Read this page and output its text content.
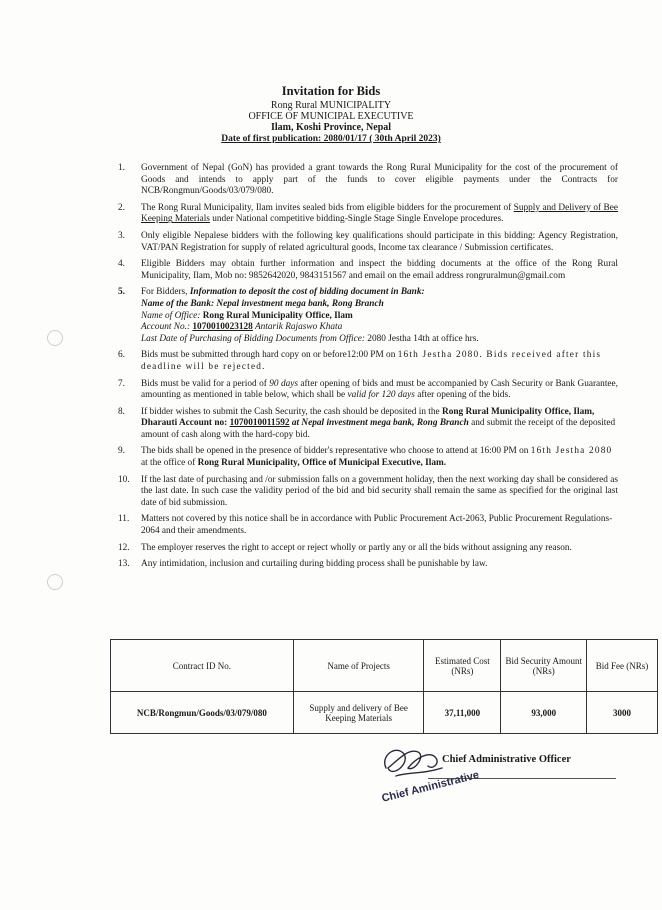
Invitation for Bids
Rong Rural MUNICIPALITY
OFFICE OF MUNICIPAL EXECUTIVE
Ilam, Koshi Province, Nepal
Date of first publication: 2080/01/17 ( 30th April 2023)
1.	Government of Nepal (GoN) has provided a grant towards the Rong Rural Municipality for the cost of the procurement of Goods and intends to apply part of the funds to cover eligible payments under the Contracts for NCB/Rongmun/Goods/03/079/080.
2.	The Rong Rural Municipality, Ilam invites sealed bids from eligible bidders for the procurement of Supply and Delivery of Bee Keeping Materials under National competitive bidding-Single Stage Single Envelope procedures.
3.	Only eligible Nepalese bidders with the following key qualifications should participate in this bidding: Agency Registration, VAT/PAN Registration for supply of related agricultural goods, Income tax clearance / Submission certificates.
4.	Eligible Bidders may obtain further information and inspect the bidding documents at the office of the Rong Rural Municipality, Ilam, Mob no: 9852642020, 9843151567 and email on the email address rongruralmun@gmail.com
5.	For Bidders, Information to deposit the cost of bidding document in Bank:
Name of the Bank: Nepal investment mega bank, Rong Branch
Name of Office: Rong Rural Municipality Office, Ilam
Account No.: 1070010023128 Antarik Rajaswo Khata
Last Date of Purchasing of Bidding Documents from Office: 2080 Jestha 14th at office hrs.
6.	Bids must be submitted through hard copy on or before12:00 PM on 16th Jestha 2080. Bids received after this deadline will be rejected.
7.	Bids must be valid for a period of 90 days after opening of bids and must be accompanied by Cash Security or Bank Guarantee, amounting as mentioned in table below, which shall be valid for 120 days after opening of the bids.
8.	If bidder wishes to submit the Cash Security, the cash should be deposited in the Rong Rural Municipality Office, Ilam, Dharauti Account no: 1070010011592 at Nepal investment mega bank, Rong Branch and submit the receipt of the deposited amount of cash along with the hard-copy bid.
9.	The bids shall be opened in the presence of bidder's representative who choose to attend at 16:00 PM on 16th Jestha 2080 at the office of Rong Rural Municipality, Office of Municipal Executive, Ilam.
10.	If the last date of purchasing and /or submission falls on a government holiday, then the next working day shall be considered as the last date. In such case the validity period of the bid and bid security shall remain the same as specified for the original last date of bid submission.
11.	Matters not covered by this notice shall be in accordance with Public Procurement Act-2063, Public Procurement Regulations-2064 and their amendments.
12.	The employer reserves the right to accept or reject wholly or partly any or all the bids without assigning any reason.
13.	Any intimidation, inclusion and curtailing during bidding process shall be punishable by law.
Contract ID No.	Name of Projects	Estimated Cost (NRs)	Bid Security Amount (NRs)	Bid Fee (NRs)
NCB/Rongmun/Goods/03/079/080	Supply and delivery of Bee Keeping Materials	37,11,000	93,000	3000
Chief Administrative Officer
Chief Aministrative
